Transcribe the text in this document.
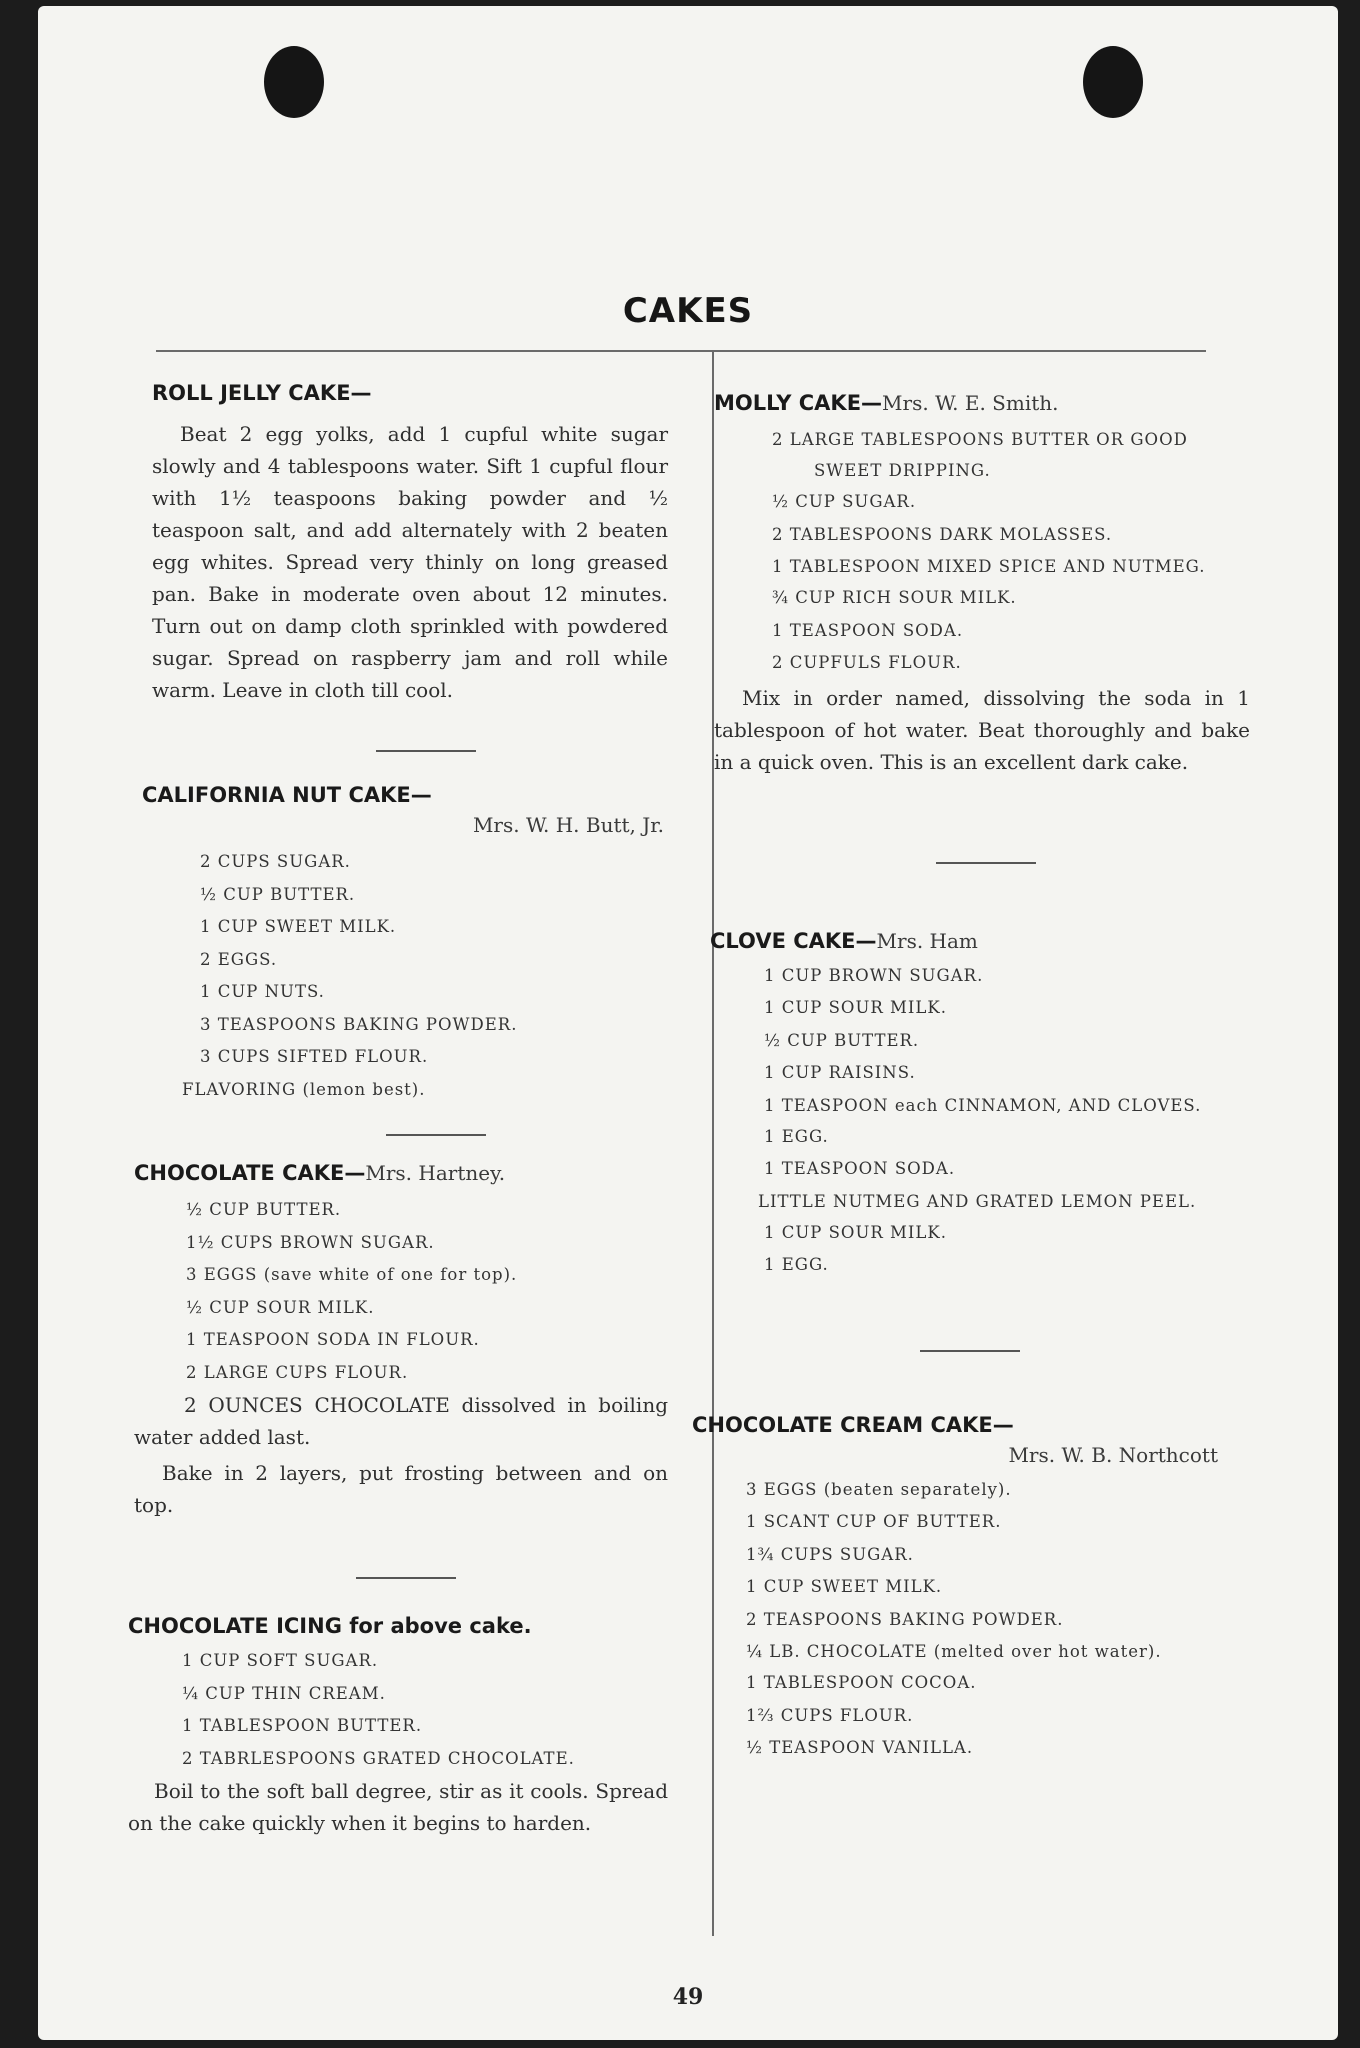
CAKES
ROLL JELLY CAKE—

Beat 2 egg yolks, add 1 cupful white sugar slowly and 4 tablespoons water. Sift 1 cupful flour with 1½ teaspoons baking powder and ½ teaspoon salt, and add alternately with 2 beaten egg whites. Spread very thinly on long greased pan. Bake in moderate oven about 12 minutes. Turn out on damp cloth sprinkled with powdered sugar. Spread on raspberry jam and roll while warm. Leave in cloth till cool.

CALIFORNIA NUT CAKE—
Mrs. W. H. Butt, Jr.
2 CUPS SUGAR.
½ CUP BUTTER.
1 CUP SWEET MILK.
2 EGGS.
1 CUP NUTS.
3 TEASPOONS BAKING POWDER.
3 CUPS SIFTED FLOUR.
FLAVORING (lemon best).
CHOCOLATE CAKE—Mrs. Hartney.
½ CUP BUTTER.
1½ CUPS BROWN SUGAR.
3 EGGS (save white of one for top).
½ CUP SOUR MILK.
1 TEASPOON SODA IN FLOUR.
2 LARGE CUPS FLOUR.

2 OUNCES CHOCOLATE dissolved in boiling water added last.

Bake in 2 layers, put frosting between and on top.

CHOCOLATE ICING for above cake.
1 CUP SOFT SUGAR.
¼ CUP THIN CREAM.
1 TABLESPOON BUTTER.
2 TABRLESPOONS GRATED CHOCOLATE.

Boil to the soft ball degree, stir as it cools. Spread on the cake quickly when it begins to harden.

MOLLY CAKE—Mrs. W. E. Smith.
2 LARGE TABLESPOONS BUTTER OR GOOD SWEET DRIPPING.
½ CUP SUGAR.
2 TABLESPOONS DARK MOLASSES.
1 TABLESPOON MIXED SPICE AND NUTMEG.
¾ CUP RICH SOUR MILK.
1 TEASPOON SODA.
2 CUPFULS FLOUR.

Mix in order named, dissolving the soda in 1 tablespoon of hot water. Beat thoroughly and bake in a quick oven. This is an excellent dark cake.

CLOVE CAKE—Mrs. Ham
1 CUP BROWN SUGAR.
1 CUP SOUR MILK.
½ CUP BUTTER.
1 CUP RAISINS.
1 TEASPOON each CINNAMON, AND CLOVES.
1 EGG.
1 TEASPOON SODA.
LITTLE NUTMEG AND GRATED LEMON PEEL.
1 CUP SOUR MILK.
1 EGG.
CHOCOLATE CREAM CAKE—
Mrs. W. B. Northcott
3 EGGS (beaten separately).
1 SCANT CUP OF BUTTER.
1¾ CUPS SUGAR.
1 CUP SWEET MILK.
2 TEASPOONS BAKING POWDER.
¼ LB. CHOCOLATE (melted over hot water).
1 TABLESPOON COCOA.
1⅔ CUPS FLOUR.
½ TEASPOON VANILLA.
49
